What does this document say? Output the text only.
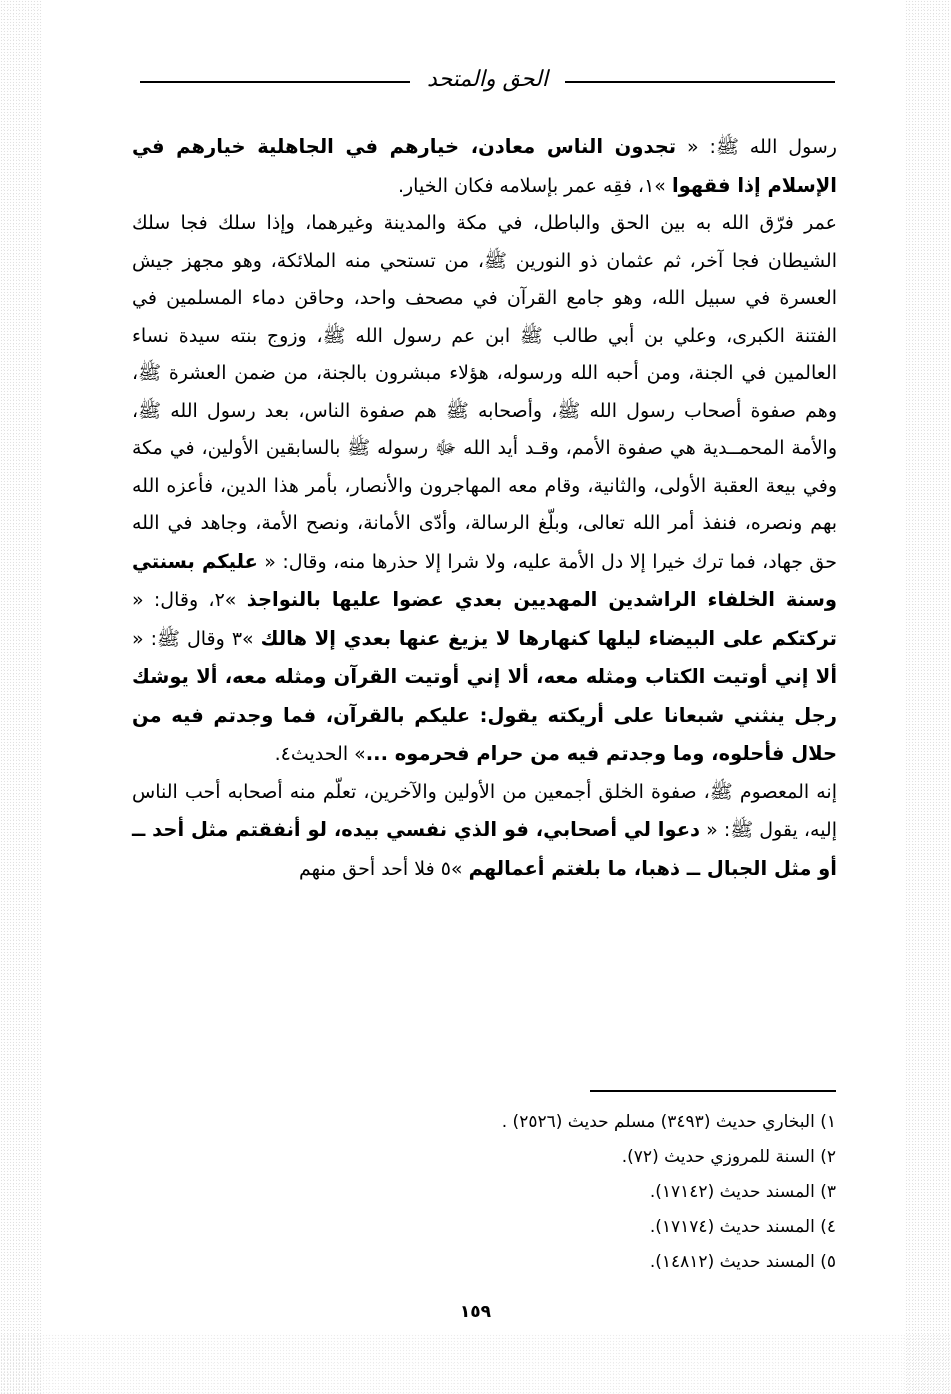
الحق والمتحد

رسول الله ﷺ: « تجدون الناس معادن، خيارهم في الجاهلية خيارهم في الإسلام إذا فقهوا »١، فقِه عمر بإسلامه فكان الخيار.

عمر فرّق الله به بين الحق والباطل، في مكة والمدينة وغيرهما، وإذا سلك فجا سلك الشيطان فجا آخر، ثم عثمان ذو النورين ﷺ، من تستحي منه الملائكة، وهو مجهز جيش العسرة في سبيل الله، وهو جامع القرآن في مصحف واحد، وحاقن دماء المسلمين في الفتنة الكبرى، وعلي بن أبي طالب ﷺ ابن عم رسول الله ﷺ، وزوج بنته سيدة نساء العالمين في الجنة، ومن أحبه الله ورسوله، هؤلاء مبشرون بالجنة، من ضمن العشرة ﷺ، وهم صفوة أصحاب رسول الله ﷺ، وأصحابه ﷺ هم صفوة الناس، بعد رسول الله ﷺ، والأمة المحمــدية هي صفوة الأمم، وقـد أيد الله ﷻ رسوله ﷺ بالسابقين الأولين، في مكة وفي بيعة العقبة الأولى، والثانية، وقام معه المهاجرون والأنصار، بأمر هذا الدين، فأعزه الله بهم ونصره، فنفذ أمر الله تعالى، وبلّغ الرسالة، وأدّى الأمانة، ونصح الأمة، وجاهد في الله حق جهاد، فما ترك خيرا إلا دل الأمة عليه، ولا شرا إلا حذرها منه، وقال: « عليكم بسنتي وسنة الخلفاء الراشدين المهديين بعدي عضوا عليها بالنواجذ »٢، وقال: « تركتكم على البيضاء ليلها كنهارها لا يزيغ عنها بعدي إلا هالك »٣ وقال ﷺ: « ألا إني أوتيت الكتاب ومثله معه، ألا إني أوتيت القرآن ومثله معه، ألا يوشك رجل ينثني شبعانا على أريكته يقول: عليكم بالقرآن، فما وجدتم فيه من حلال فأحلوه، وما وجدتم فيه من حرام فحرموه ...» الحديث٤.

إنه المعصوم ﷺ، صفوة الخلق أجمعين من الأولين والآخرين، تعلّم منه أصحابه أحب الناس إليه، يقول ﷺ: « دعوا لي أصحابي، فو الذي نفسي بيده، لو أنفقتم مثل أحد ــ أو مثل الجبال ــ ذهبا، ما بلغتم أعمالهم »٥ فلا أحد أحق منهم

١) البخاري حديث (٣٤٩٣) مسلم حديث (٢٥٢٦) .
٢) السنة للمروزي حديث (٧٢).
٣) المسند حديث (١٧١٤٢).
٤) المسند حديث (١٧١٧٤).
٥) المسند حديث (١٤٨١٢).
١٥٩
